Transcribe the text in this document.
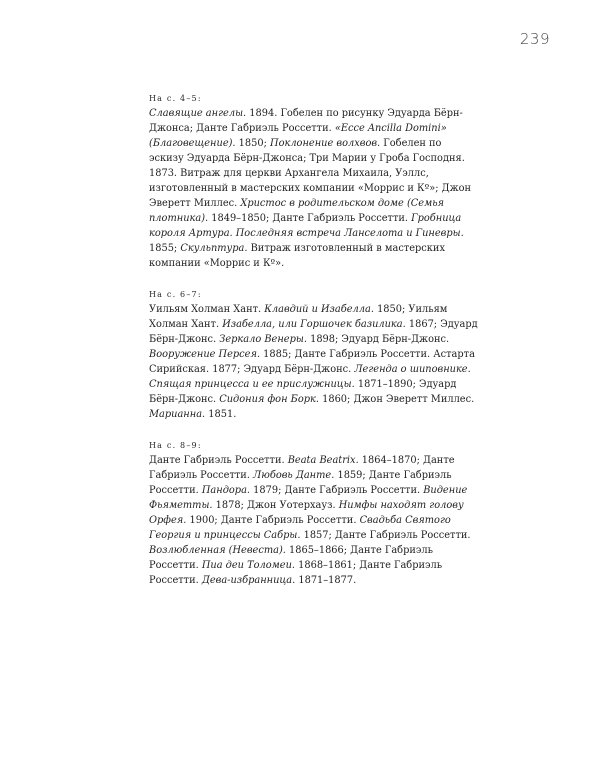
239
На с. 4–5:
Славящие ангелы. 1894. Гобелен по рисунку Эдуарда Бёрн-Джонса; Данте Габриэль Россетти. «Ecce Ancilla Domini» (Благовещение). 1850; Поклонение волхвов. Гобелен по эскизу Эдуарда Бёрн-Джонса; Три Марии у Гроба Господня. 1873. Витраж для церкви Архангела Михаила, Уэллс, изготовленный в мастерских компании «Моррис и Кº»; Джон Эверетт Миллес. Христос в родительском доме (Семья плотника). 1849–1850; Данте Габриэль Россетти. Гробница короля Артура. Последняя встреча Ланселота и Гиневры. 1855; Скульптура. Витраж изготовленный в мастерских компании «Моррис и Кº».
На с. 6–7:
Уильям Холман Хант. Клавдий и Изабелла. 1850; Уильям Холман Хант. Изабелла, или Горшочек базилика. 1867; Эдуард Бёрн-Джонс. Зеркало Венеры. 1898; Эдуард Бёрн-Джонс. Вооружение Персея. 1885; Данте Габриэль Россетти. Астарта Сирийская. 1877; Эдуард Бёрн-Джонс. Легенда о шиповнике. Спящая принцесса и ее прислужницы. 1871–1890; Эдуард Бёрн-Джонс. Сидония фон Борк. 1860; Джон Эверетт Миллес. Марианна. 1851.
На с. 8–9:
Данте Габриэль Россетти. Beata Beatrix. 1864–1870; Данте Габриэль Россетти. Любовь Данте. 1859; Данте Габриэль Россетти. Пандора. 1879; Данте Габриэль Россетти. Видение Фьяметты. 1878; Джон Уотерхауз. Нимфы находят голову Орфея. 1900; Данте Габриэль Россетти. Свадьба Святого Георгия и принцессы Сабры. 1857; Данте Габриэль Россетти. Возлюбленная (Невеста). 1865–1866; Данте Габриэль Россетти. Пиа деи Толомеи. 1868–1861; Данте Габриэль Россетти. Дева-избранница. 1871–1877.
